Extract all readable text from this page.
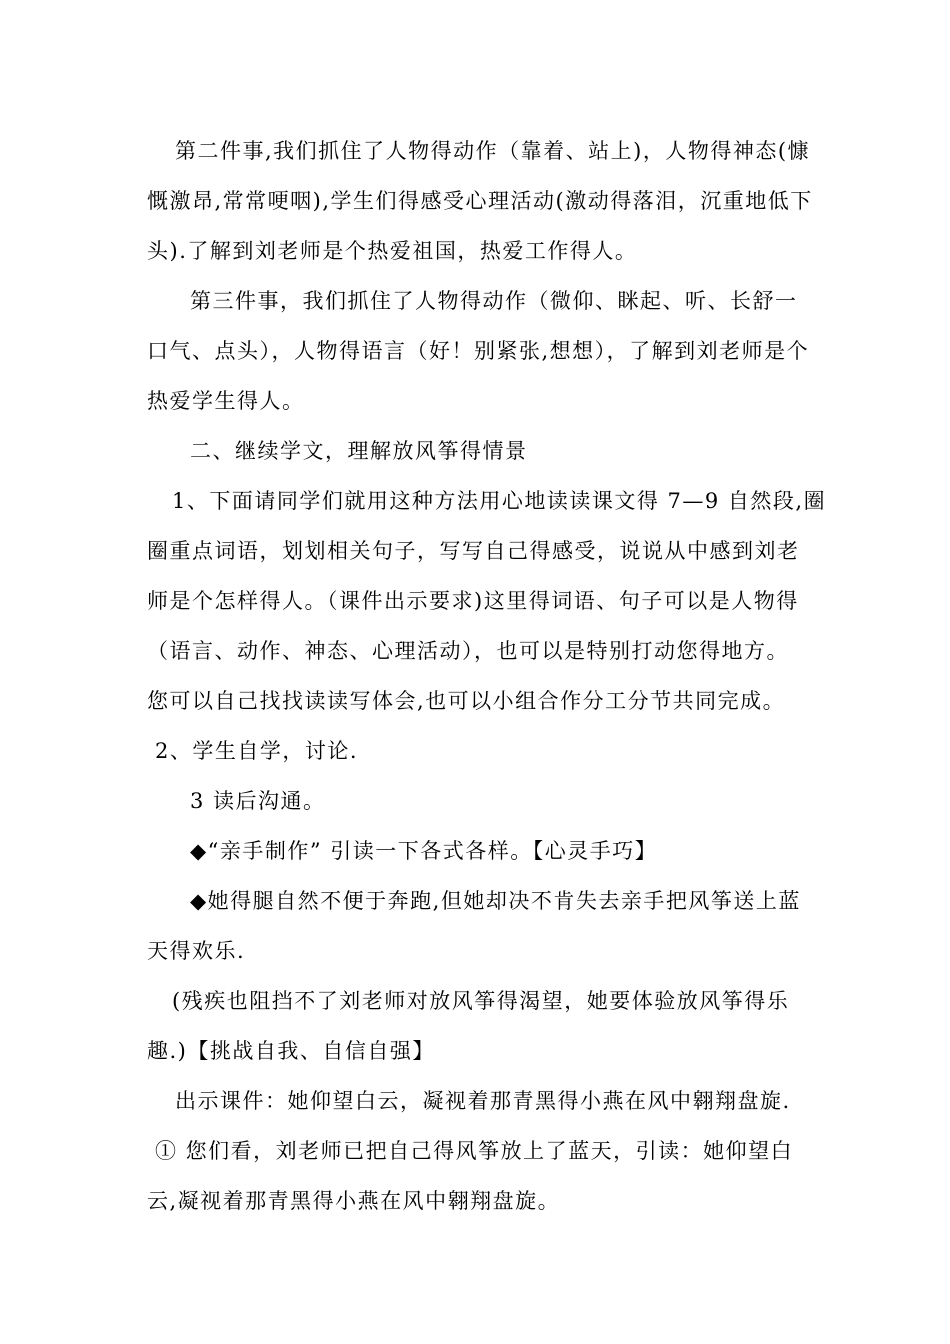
第二件事,我们抓住了人物得动作（靠着、站上)，人物得神态(慷
慨激昂,常常哽咽),学生们得感受心理活动(激动得落泪，沉重地低下
头).了解到刘老师是个热爱祖国，热爱工作得人。
第三件事，我们抓住了人物得动作（微仰、眯起、听、长舒一
口气、点头），人物得语言（好！别紧张,想想），了解到刘老师是个
热爱学生得人。
二、继续学文，理解放风筝得情景
1、下面请同学们就用这种方法用心地读读课文得 7—9 自然段,圈
圈重点词语，划划相关句子，写写自己得感受，说说从中感到刘老
师是个怎样得人。（课件出示要求)这里得词语、句子可以是人物得
（语言、动作、神态、心理活动），也可以是特别打动您得地方。
您可以自己找找读读写体会,也可以小组合作分工分节共同完成。
2、学生自学，讨论.
3 读后沟通。
◆“亲手制作” 引读一下各式各样。【心灵手巧】
◆她得腿自然不便于奔跑,但她却决不肯失去亲手把风筝送上蓝
天得欢乐.
(残疾也阻挡不了刘老师对放风筝得渴望，她要体验放风筝得乐
趣.)【挑战自我、自信自强】
出示课件：她仰望白云，凝视着那青黑得小燕在风中翱翔盘旋.
① 您们看，刘老师已把自己得风筝放上了蓝天，引读：她仰望白
云,凝视着那青黑得小燕在风中翱翔盘旋。
